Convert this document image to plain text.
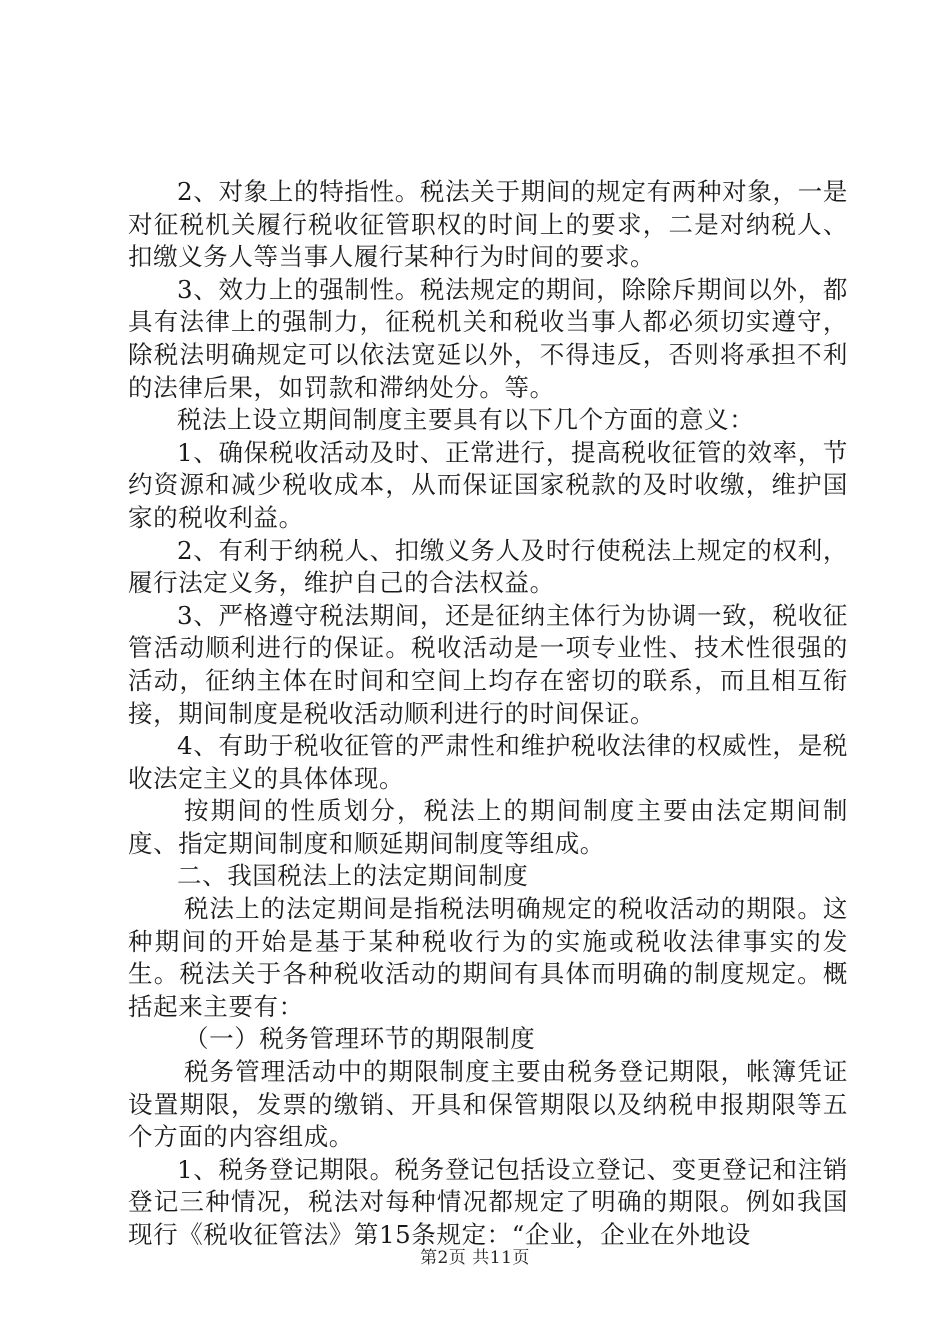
2、对象上的特指性。税法关于期间的规定有两种对象，一是对征税机关履行税收征管职权的时间上的要求，二是对纳税人、扣缴义务人等当事人履行某种行为时间的要求。

3、效力上的强制性。税法规定的期间，除除斥期间以外，都具有法律上的强制力，征税机关和税收当事人都必须切实遵守，除税法明确规定可以依法宽延以外，不得违反，否则将承担不利的法律后果，如罚款和滞纳处分。等。

税法上设立期间制度主要具有以下几个方面的意义：

1、确保税收活动及时、正常进行，提高税收征管的效率，节约资源和减少税收成本，从而保证国家税款的及时收缴，维护国家的税收利益。

2、有利于纳税人、扣缴义务人及时行使税法上规定的权利，履行法定义务，维护自己的合法权益。

3、严格遵守税法期间，还是征纳主体行为协调一致，税收征管活动顺利进行的保证。税收活动是一项专业性、技术性很强的活动，征纳主体在时间和空间上均存在密切的联系，而且相互衔接，期间制度是税收活动顺利进行的时间保证。

4、有助于税收征管的严肃性和维护税收法律的权威性，是税收法定主义的具体体现。

按期间的性质划分，税法上的期间制度主要由法定期间制度、指定期间制度和顺延期间制度等组成。

二、我国税法上的法定期间制度

税法上的法定期间是指税法明确规定的税收活动的期限。这种期间的开始是基于某种税收行为的实施或税收法律事实的发生。税法关于各种税收活动的期间有具体而明确的制度规定。概括起来主要有：

（一）税务管理环节的期限制度

税务管理活动中的期限制度主要由税务登记期限，帐簿凭证设置期限，发票的缴销、开具和保管期限以及纳税申报期限等五个方面的内容组成。

1、税务登记期限。税务登记包括设立登记、变更登记和注销登记三种情况，税法对每种情况都规定了明确的期限。例如我国现行《税收征管法》第15条规定：“企业，企业在外地设

第2页 共11页
